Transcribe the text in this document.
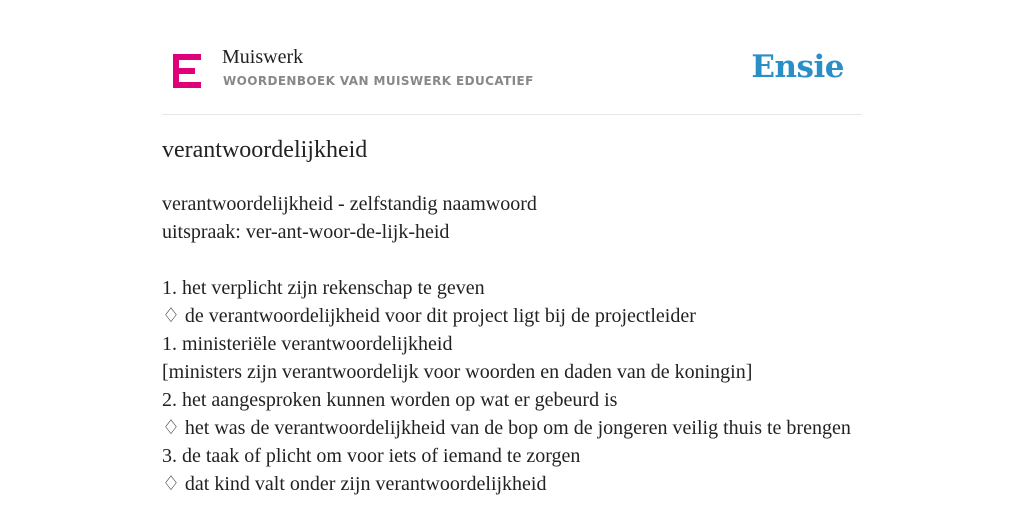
Muiswerk
WOORDENBOEK VAN MUISWERK EDUCATIEF	Ensie
verantwoordelijkheid
verantwoordelijkheid - zelfstandig naamwoord
uitspraak: ver-ant-woor-de-lijk-heid
1. het verplicht zijn rekenschap te geven
♢ de verantwoordelijkheid voor dit project ligt bij de projectleider
1. ministeriële verantwoordelijkheid
[ministers zijn verantwoordelijk voor woorden en daden van de koningin]
2. het aangesproken kunnen worden op wat er gebeurd is
♢ het was de verantwoordelijkheid van de bop om de jongeren veilig thuis te brengen
3. de taak of plicht om voor iets of iemand te zorgen
♢ dat kind valt onder zijn verantwoordelijkheid
